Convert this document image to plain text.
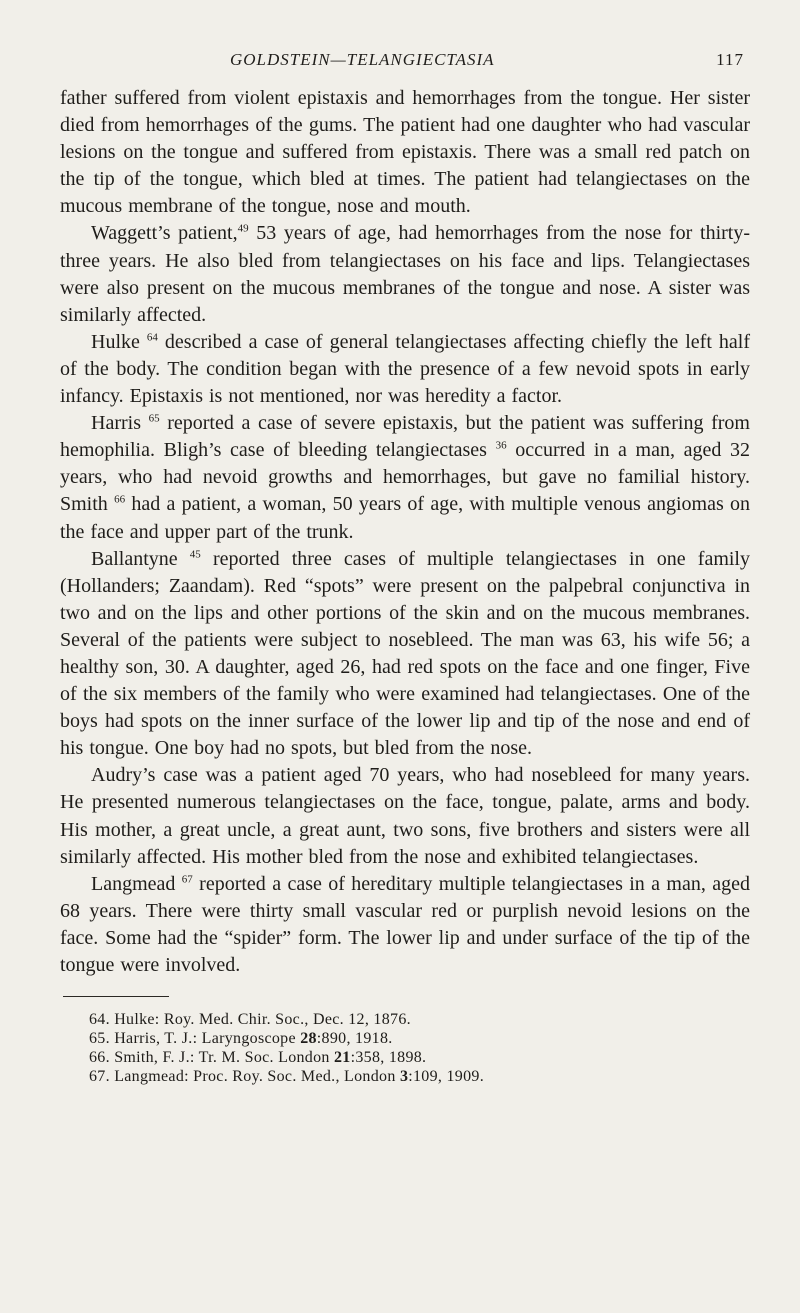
GOLDSTEIN—TELANGIECTASIA	117

father suffered from violent epistaxis and hemorrhages from the tongue. Her sister died from hemorrhages of the gums. The patient had one daughter who had vascular lesions on the tongue and suffered from epistaxis. There was a small red patch on the tip of the tongue, which bled at times. The patient had telangiectases on the mucous membrane of the tongue, nose and mouth.

Waggett’s patient,$^{49}$ 53 years of age, had hemorrhages from the nose for thirty-three years. He also bled from telangiectases on his face and lips. Telangiectases were also present on the mucous membranes of the tongue and nose. A sister was similarly affected.

Hulke $^{64}$ described a case of general telangiectases affecting chiefly the left half of the body. The condition began with the presence of a few nevoid spots in early infancy. Epistaxis is not mentioned, nor was heredity a factor.

Harris $^{65}$ reported a case of severe epistaxis, but the patient was suffering from hemophilia. Bligh’s case of bleeding telangiectases $^{36}$ occurred in a man, aged 32 years, who had nevoid growths and hemorrhages, but gave no familial history. Smith $^{66}$ had a patient, a woman, 50 years of age, with multiple venous angiomas on the face and upper part of the trunk.

Ballantyne $^{45}$ reported three cases of multiple telangiectases in one family (Hollanders; Zaandam). Red “spots” were present on the palpebral conjunctiva in two and on the lips and other portions of the skin and on the mucous membranes. Several of the patients were subject to nosebleed. The man was 63, his wife 56; a healthy son, 30. A daughter, aged 26, had red spots on the face and one finger, Five of the six members of the family who were examined had telangiectases. One of the boys had spots on the inner surface of the lower lip and tip of the nose and end of his tongue. One boy had no spots, but bled from the nose.

Audry’s case was a patient aged 70 years, who had nosebleed for many years. He presented numerous telangiectases on the face, tongue, palate, arms and body. His mother, a great uncle, a great aunt, two sons, five brothers and sisters were all similarly affected. His mother bled from the nose and exhibited telangiectases.

Langmead $^{67}$ reported a case of hereditary multiple telangiectases in a man, aged 68 years. There were thirty small vascular red or purplish nevoid lesions on the face. Some had the “spider” form. The lower lip and under surface of the tip of the tongue were involved.

64. Hulke: Roy. Med. Chir. Soc., Dec. 12, 1876.
65. Harris, T. J.: Laryngoscope 28:890, 1918.
66. Smith, F. J.: Tr. M. Soc. London 21:358, 1898.
67. Langmead: Proc. Roy. Soc. Med., London 3:109, 1909.
